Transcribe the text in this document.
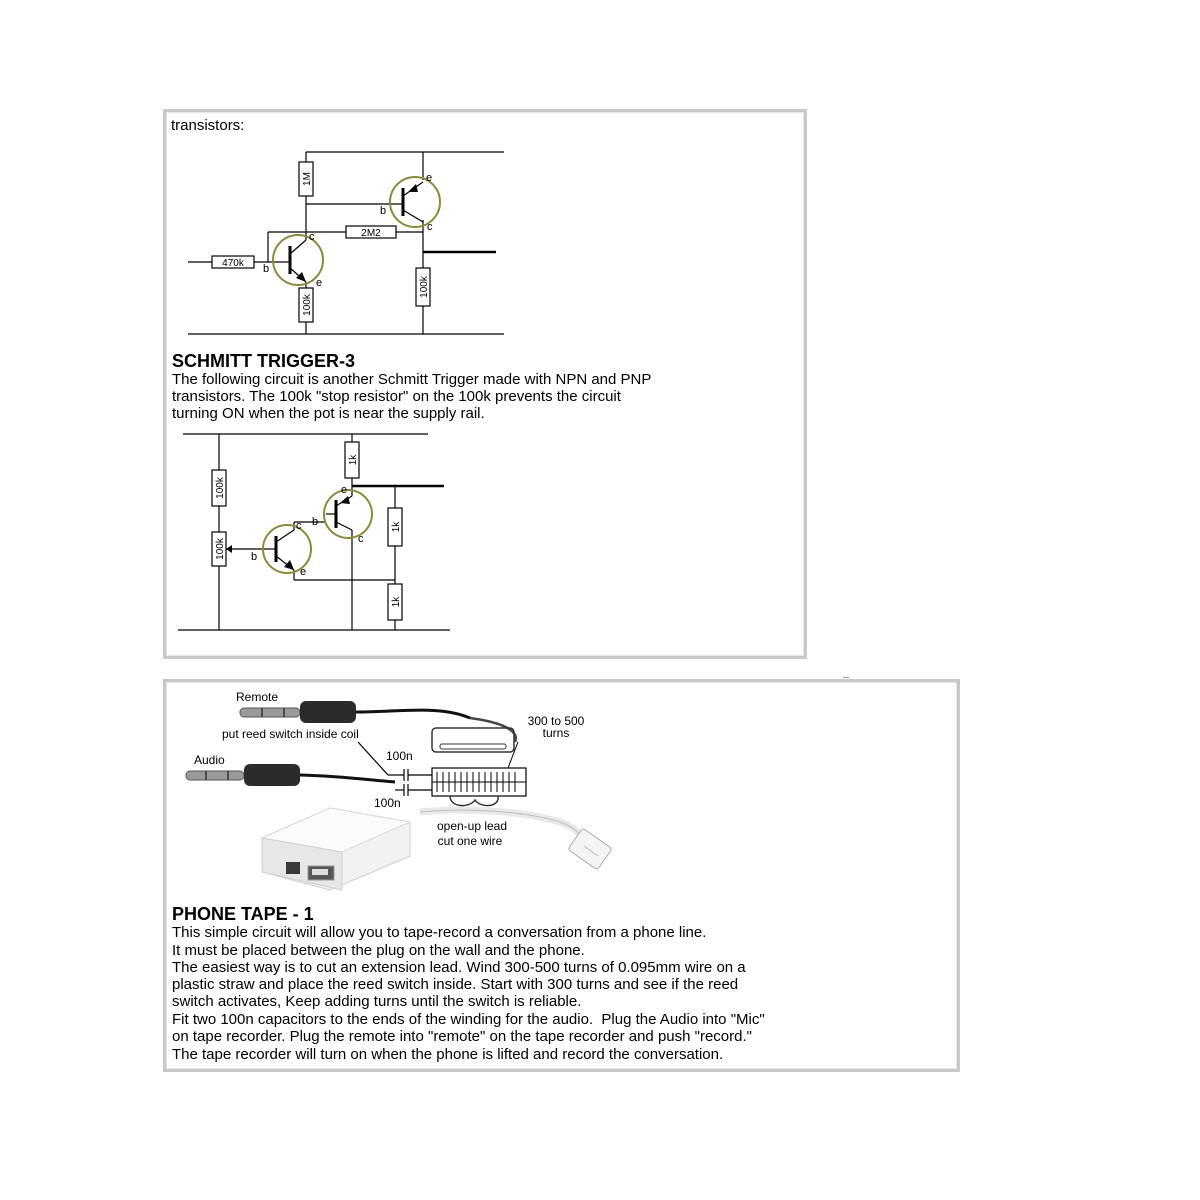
transistors:
1M
2M2
470k
100k
100k
b
e
c
b
c
e
1k
100k
100k
1k
1k
b
e
c
b
c
e
SCHMITT TRIGGER-3
The following circuit is another Schmitt Trigger made with NPN and PNP
transistors. The 100k "stop resistor" on the 100k prevents the circuit
turning ON when the pot is near the supply rail.
Remote
put reed switch inside coil
300 to 500
turns
Audio	100n
100n
open-up lead
cut one wire
PHONE TAPE - 1
This simple circuit will allow you to tape-record a conversation from a phone line.
It must be placed between the plug on the wall and the phone.
The easiest way is to cut an extension lead. Wind 300-500 turns of 0.095mm wire on a
plastic straw and place the reed switch inside. Start with 300 turns and see if the reed
switch activates, Keep adding turns until the switch is reliable.
Fit two 100n capacitors to the ends of the winding for the audio.  Plug the Audio into "Mic"
on tape recorder. Plug the remote into "remote" on the tape recorder and push "record."
The tape recorder will turn on when the phone is lifted and record the conversation.
